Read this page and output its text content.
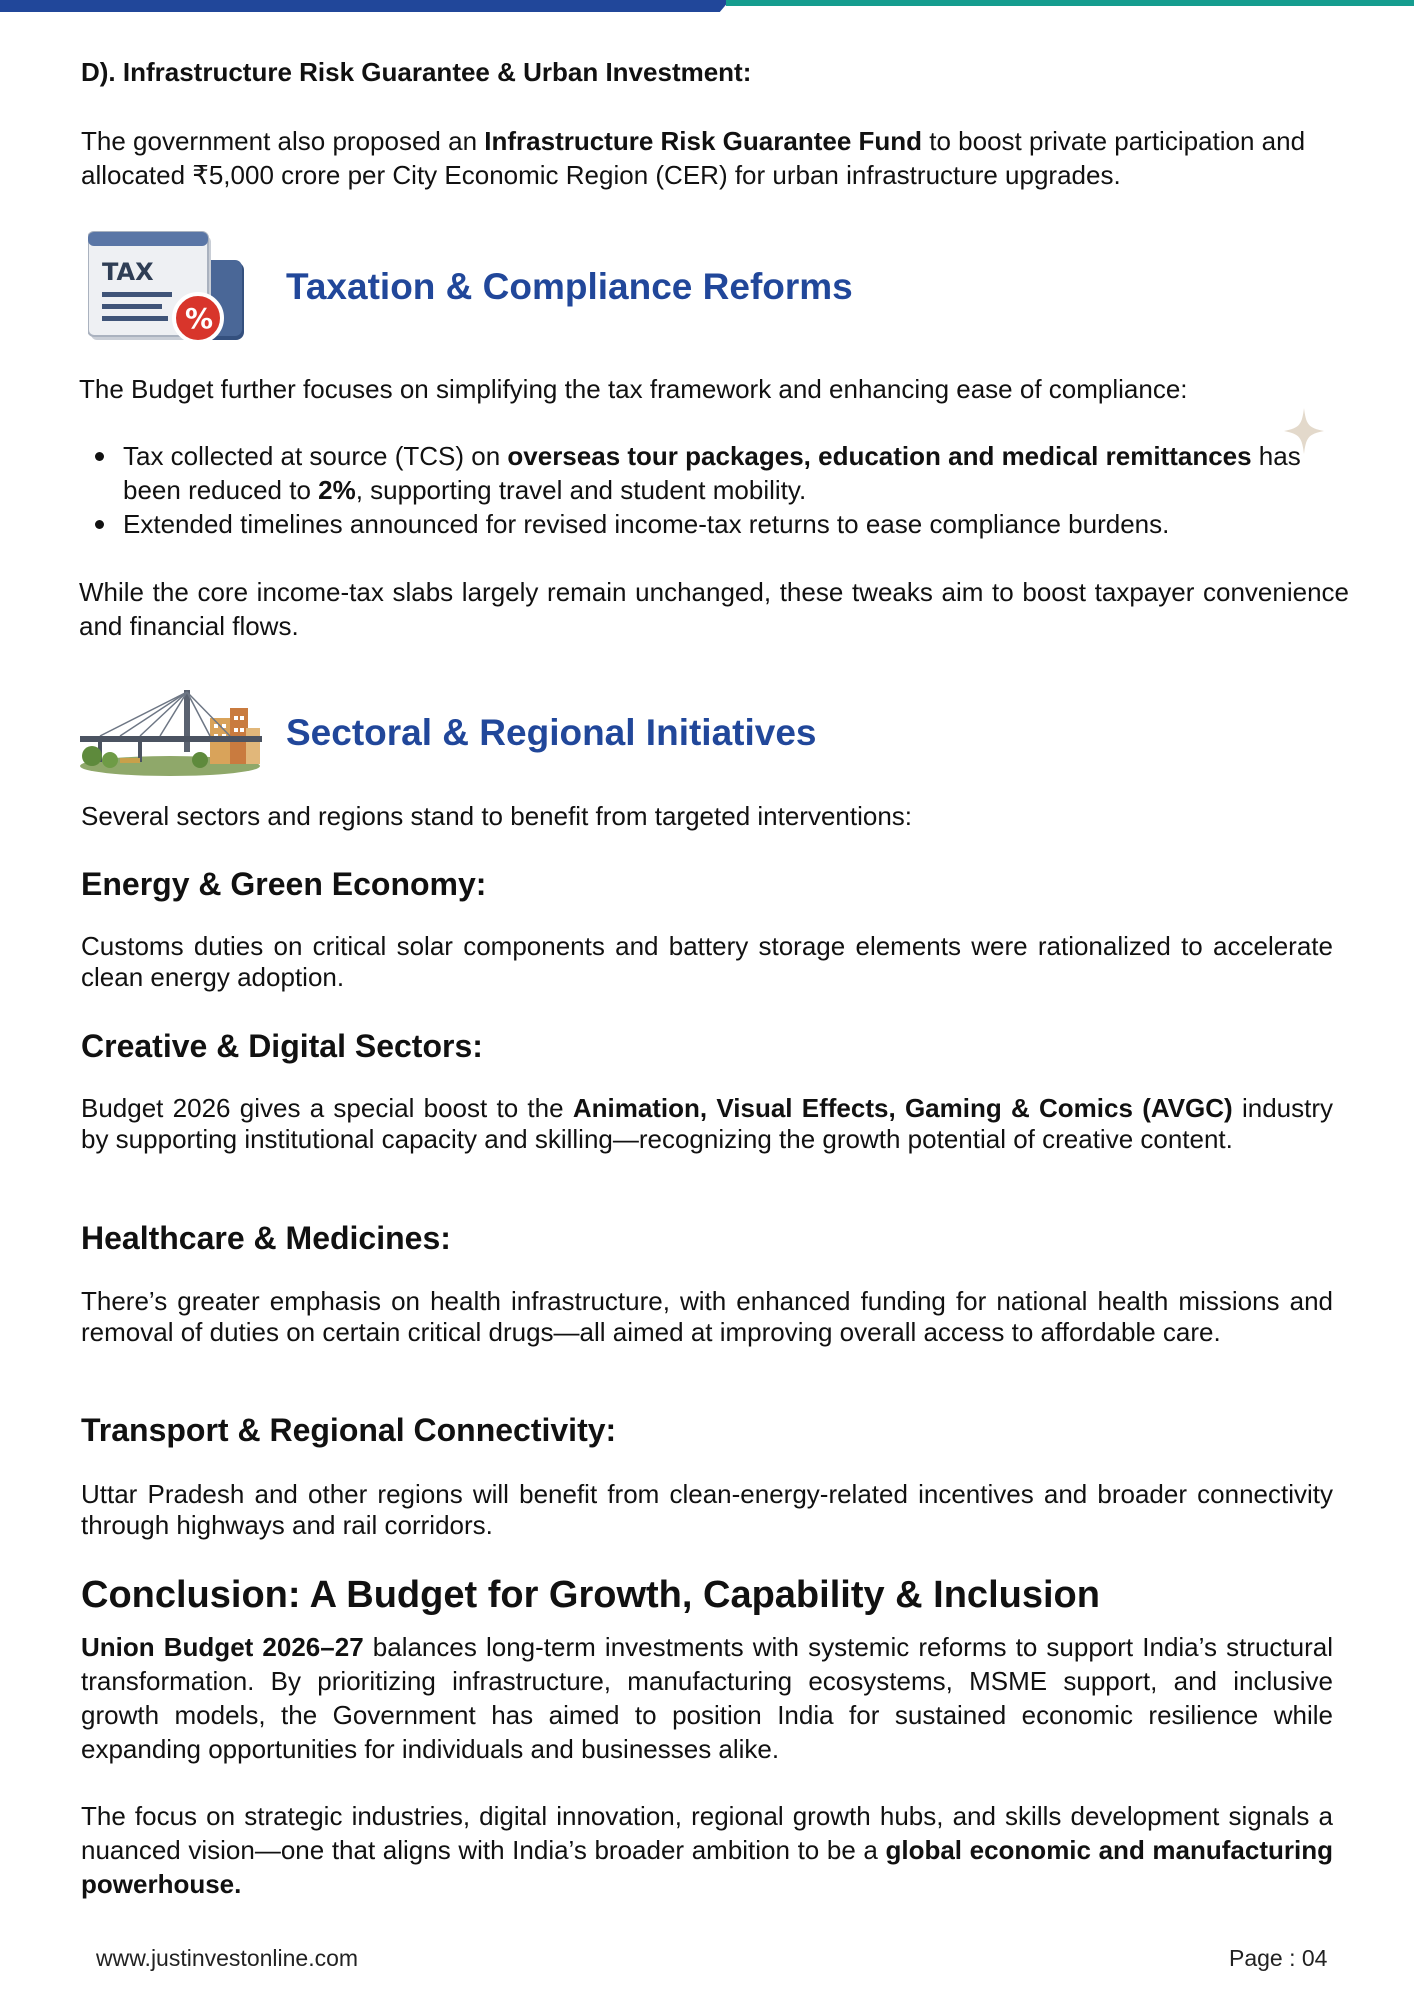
D). Infrastructure Risk Guarantee & Urban Investment:

The government also proposed an Infrastructure Risk Guarantee Fund to boost private participation and allocated ₹5,000 crore per City Economic Region (CER) for urban infrastructure upgrades.

TAX
%
Taxation & Compliance Reforms

The Budget further focuses on simplifying the tax framework and enhancing ease of compliance:

Tax collected at source (TCS) on overseas tour packages, education and medical remittances has been reduced to 2%, supporting travel and student mobility.
Extended timelines announced for revised income-tax returns to ease compliance burdens.

While the core income-tax slabs largely remain unchanged, these tweaks aim to boost taxpayer convenience and financial flows.

Sectoral & Regional Initiatives

Several sectors and regions stand to benefit from targeted interventions:

Energy & Green Economy:

Customs duties on critical solar components and battery storage elements were rationalized to accelerate clean energy adoption.

Creative & Digital Sectors:

Budget 2026 gives a special boost to the Animation, Visual Effects, Gaming & Comics (AVGC) industry by supporting institutional capacity and skilling—recognizing the growth potential of creative content.

Healthcare & Medicines:

There’s greater emphasis on health infrastructure, with enhanced funding for national health missions and removal of duties on certain critical drugs—all aimed at improving overall access to affordable care.

Transport & Regional Connectivity:

Uttar Pradesh and other regions will benefit from clean-energy-related incentives and broader connectivity through highways and rail corridors.

Conclusion: A Budget for Growth, Capability & Inclusion

Union Budget 2026–27 balances long-term investments with systemic reforms to support India’s structural transformation. By prioritizing infrastructure, manufacturing ecosystems, MSME support, and inclusive growth models, the Government has aimed to position India for sustained economic resilience while expanding opportunities for individuals and businesses alike.

The focus on strategic industries, digital innovation, regional growth hubs, and skills development signals a nuanced vision—one that aligns with India’s broader ambition to be a global economic and manufacturing powerhouse.

www.justinvestonline.com	Page : 04
